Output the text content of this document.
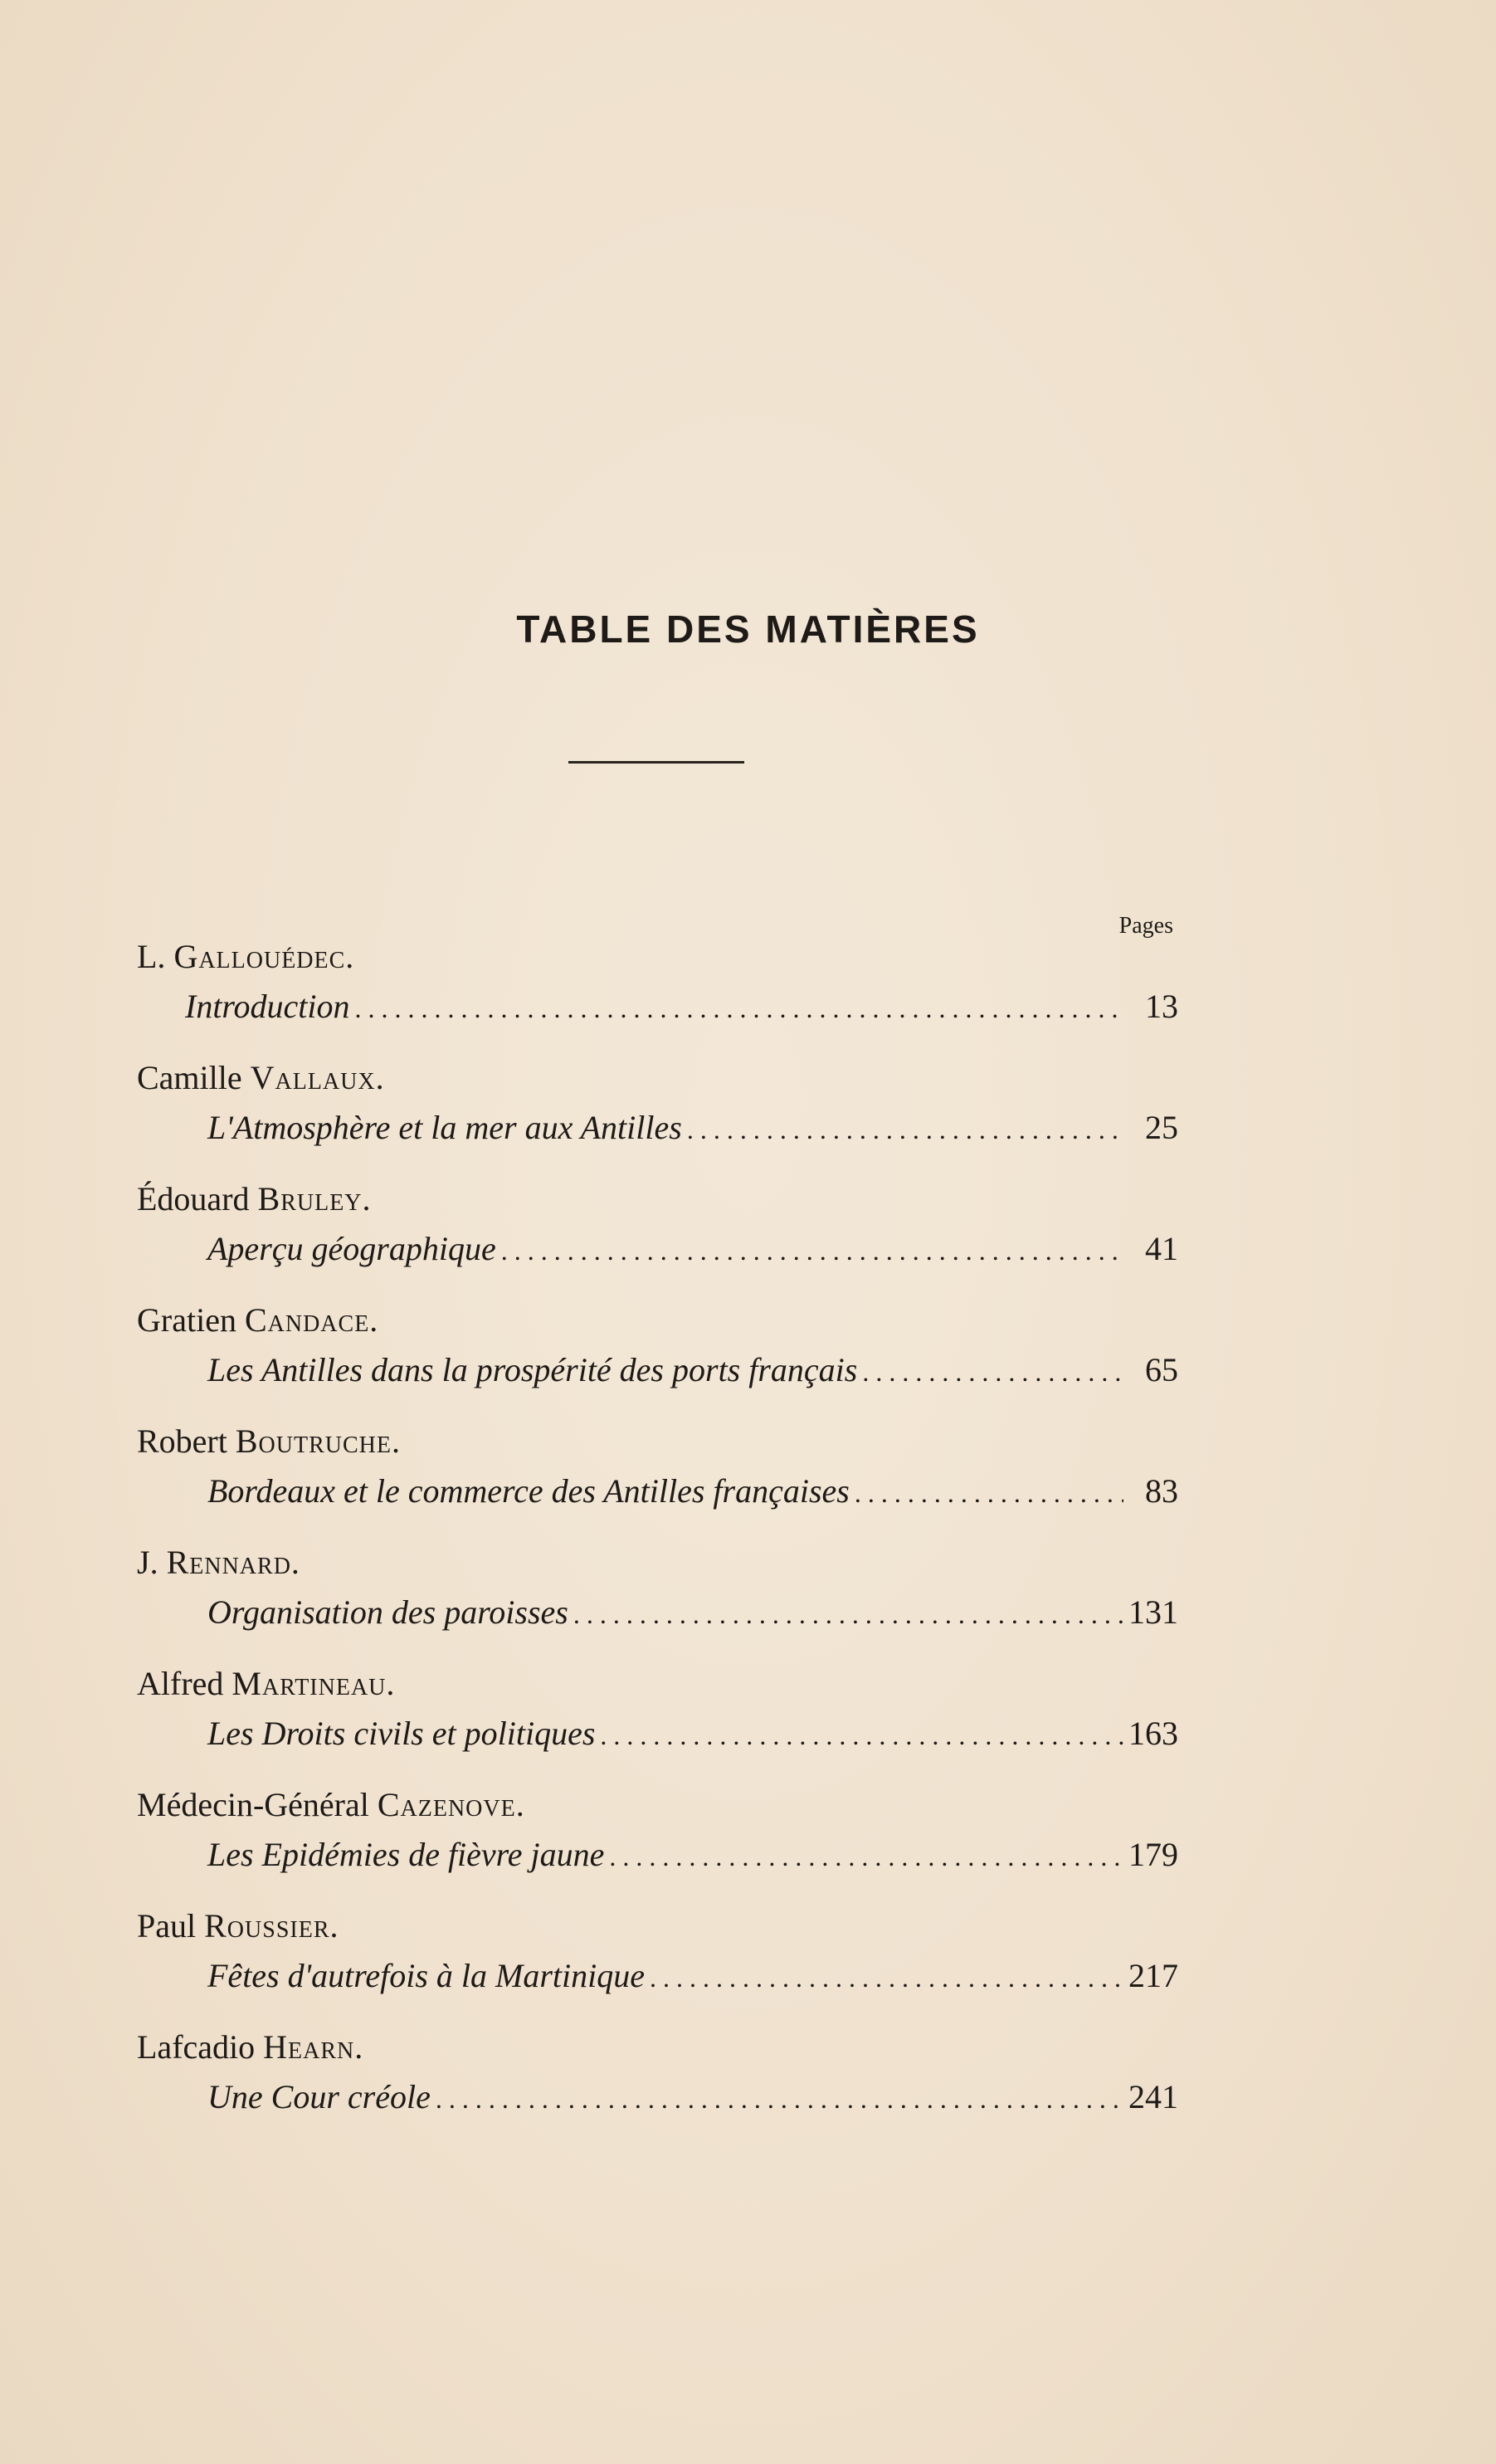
TABLE DES MATIÈRES
Pages
L. Gallouédec.
Introduction . . .	13
Camille Vallaux.
L'Atmosphère et la mer aux Antilles . . .	25
Édouard Bruley.
Aperçu géographique . . .	41
Gratien Candace.
Les Antilles dans la prospérité des ports français . . .	65
Robert Boutruche.
Bordeaux et le commerce des Antilles françaises . . .	83
J. Rennard.
Organisation des paroisses . . .	131
Alfred Martineau.
Les Droits civils et politiques . . .	163
Médecin-Général Cazenove.
Les Epidémies de fièvre jaune . . .	179
Paul Roussier.
Fêtes d'autrefois à la Martinique . . .	217
Lafcadio Hearn.
Une Cour créole . . .	241
